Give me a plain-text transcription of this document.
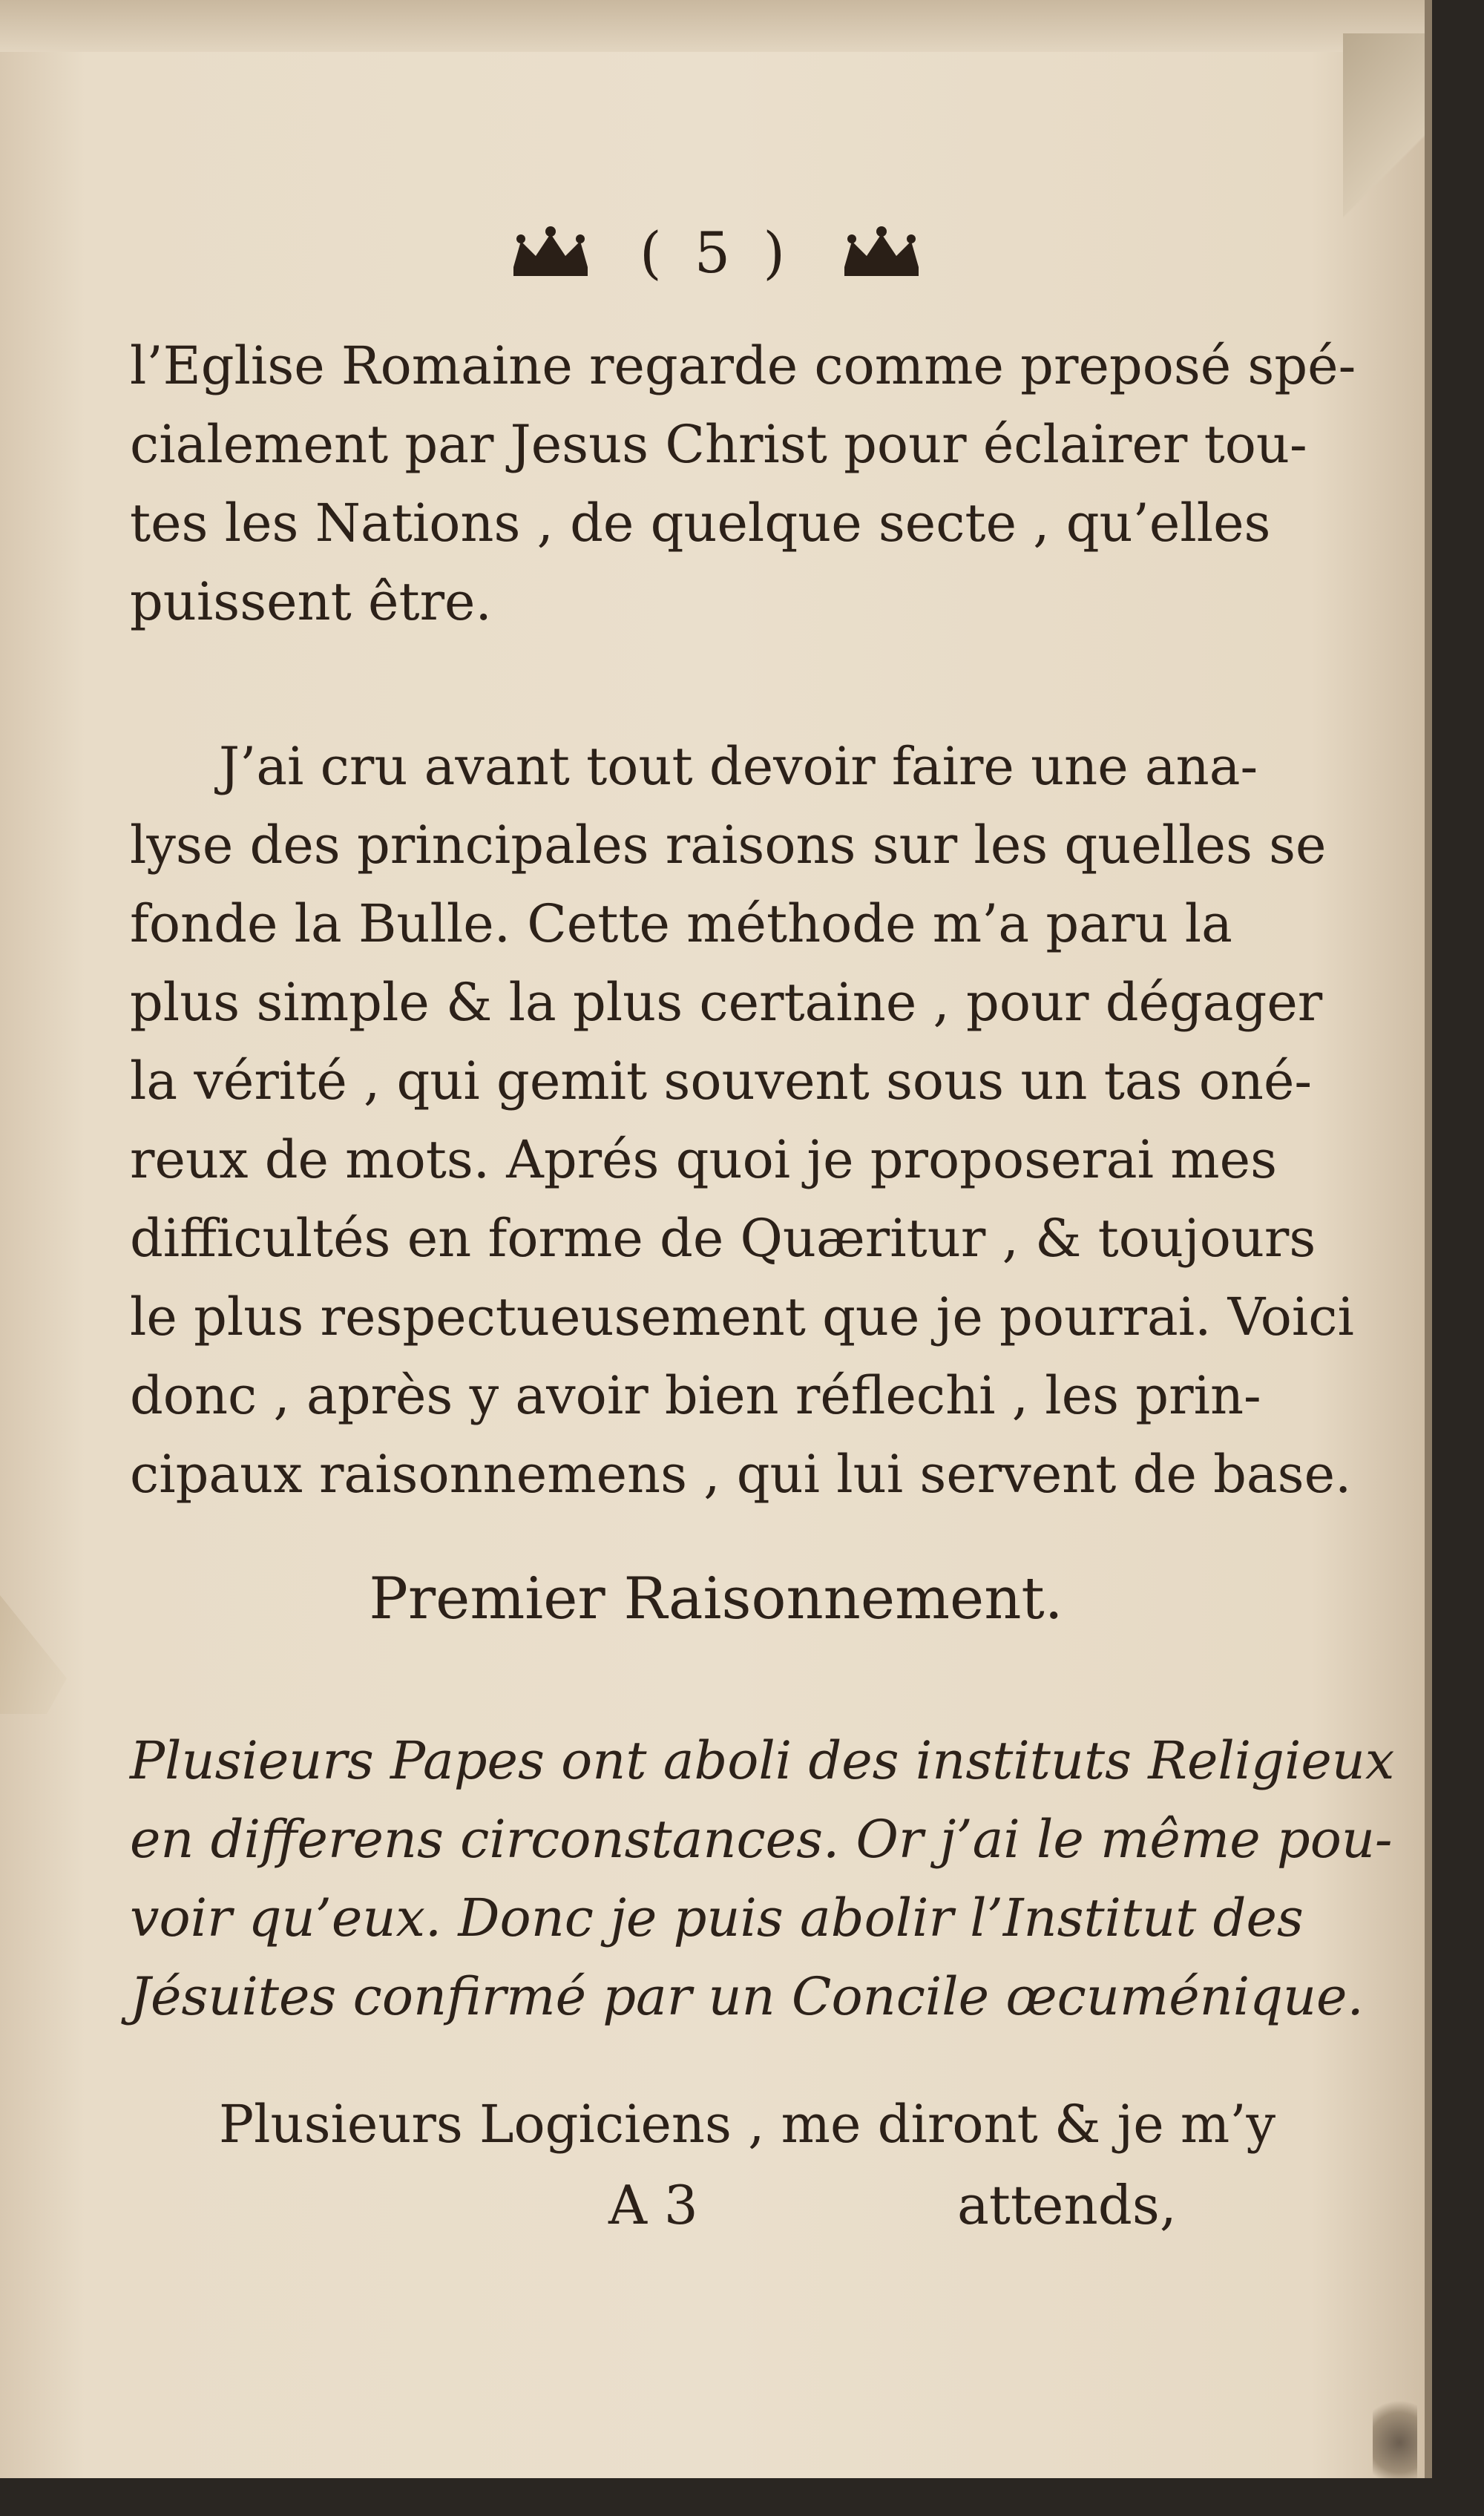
( 5 )
l’Eglise Romaine regarde comme preposé spé-
cialement par Jesus Christ pour éclairer tou-
tes les Nations , de quelque secte , qu’elles
puissent être.
J’ai cru avant tout devoir faire une ana-
lyse des principales raisons sur les quelles se
fonde la Bulle. Cette méthode m’a paru la
plus simple & la plus certaine , pour dégager
la vérité , qui gemit souvent sous un tas oné-
reux de mots. Aprés quoi je proposerai mes
difficultés en forme de Quæritur , & toujours
le plus respectueusement que je pourrai. Voici
donc , après y avoir bien réflechi , les prin-
cipaux raisonnemens , qui lui servent de base.
Premier Raisonnement.
Plusieurs Papes ont aboli des instituts Religieux
en differens circonstances. Or j’ai le même pou-
voir qu’eux. Donc je puis abolir l’Institut des
Jésuites confirmé par un Concile œcuménique.
Plusieurs Logiciens , me diront & je m’y
A 3	attends,
